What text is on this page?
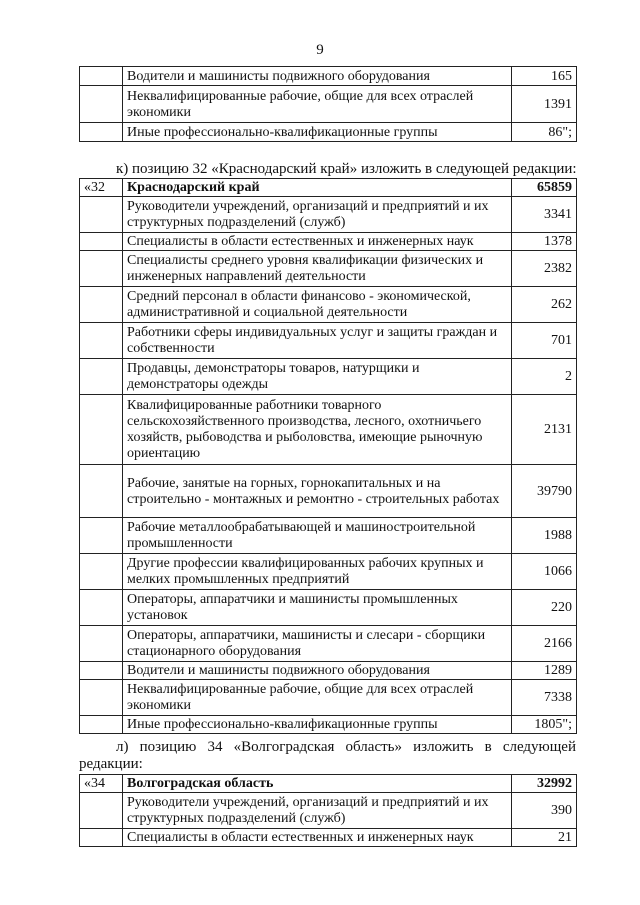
9
	Водители и машинисты подвижного оборудования	165
	Неквалифицированные рабочие, общие для всех отраслей экономики	1391
	Иные профессионально-квалификационные группы	86";
к) позицию 32 «Краснодарский край» изложить в следующей редакции:
«32	Краснодарский край	65859
	Руководители учреждений, организаций и предприятий и их структурных подразделений (служб)	3341
	Специалисты в области естественных и инженерных наук	1378
	Специалисты среднего уровня квалификации физических и инженерных направлений деятельности	2382
	Средний персонал в области финансово - экономической, административной и социальной деятельности	262
	Работники сферы индивидуальных услуг и защиты граждан и собственности	701
	Продавцы, демонстраторы товаров, натурщики и демонстраторы одежды	2
	Квалифицированные работники товарного сельскохозяйственного производства, лесного, охотничьего хозяйств, рыбоводства и рыболовства, имеющие рыночную ориентацию	2131
	Рабочие, занятые на горных, горнокапитальных и на строительно - монтажных и ремонтно - строительных работах	39790
	Рабочие металлообрабатывающей и машиностроительной промышленности	1988
	Другие профессии квалифицированных рабочих крупных и мелких промышленных предприятий	1066
	Операторы, аппаратчики и машинисты промышленных установок	220
	Операторы, аппаратчики, машинисты и слесари - сборщики стационарного оборудования	2166
	Водители и машинисты подвижного оборудования	1289
	Неквалифицированные рабочие, общие для всех отраслей экономики	7338
	Иные профессионально-квалификационные группы	1805";
л) позицию 34 «Волгоградская область» изложить в следующей
редакции:
«34	Волгоградская область	32992
	Руководители учреждений, организаций и предприятий и их структурных подразделений (служб)	390
	Специалисты в области естественных и инженерных наук	21
